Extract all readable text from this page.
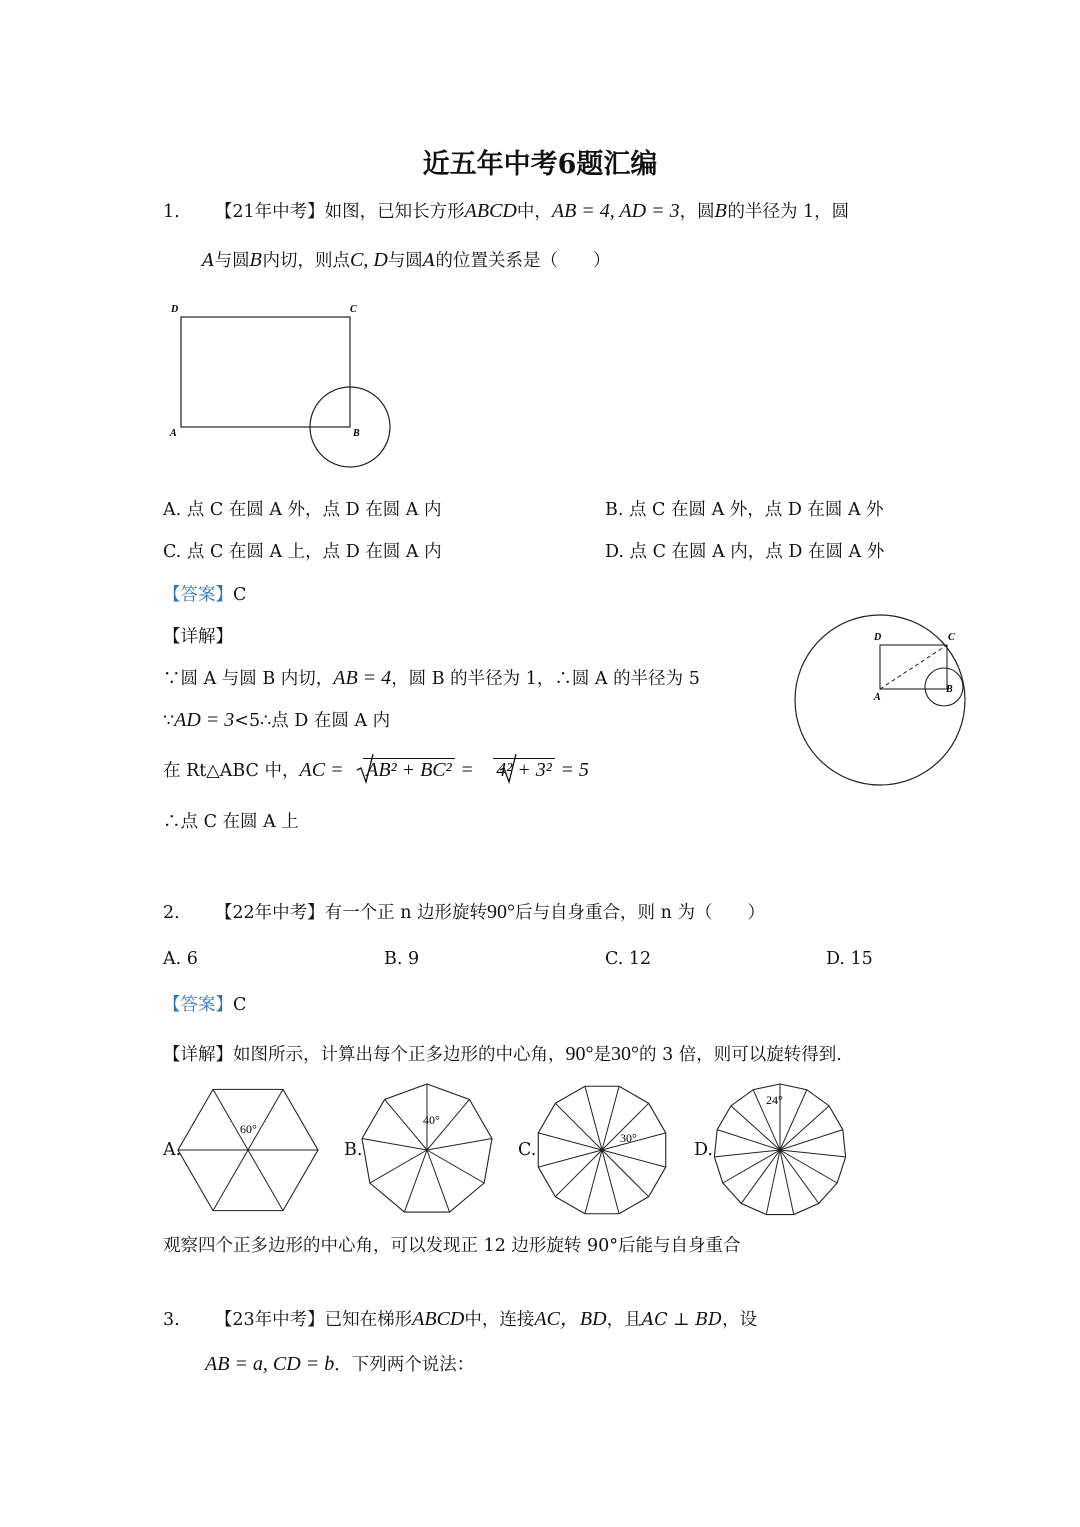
近五年中考6题汇编
1. 【21年中考】如图，已知长方形ABCD中，AB = 4, AD = 3，圆B的半径为 1，圆
A与圆B内切，则点C, D与圆A的位置关系是（　　）
D	C
A	B
A. 点 C 在圆 A 外，点 D 在圆 A 内	B. 点 C 在圆 A 外，点 D 在圆 A 外
C. 点 C 在圆 A 上，点 D 在圆 A 内	D. 点 C 在圆 A 内，点 D 在圆 A 外
【答案】C
【详解】
∵圆 A 与圆 B 内切，AB = 4，圆 B 的半径为 1，∴圆 A 的半径为 5
∵AD = 3<5∴点 D 在圆 A 内
在 Rt△ABC 中，AC = AB² + BC² = 4² + 3² = 5
∴点 C 在圆 A 上
D	C
A
B
2. 【22年中考】有一个正 n 边形旋转90°后与自身重合，则 n 为（　　）
A. 6	B. 9	C. 12	D. 15
【答案】C
【详解】如图所示，计算出每个正多边形的中心角，90°是30°的 3 倍，则可以旋转得到.
A.	B.	C.	D.
60°
40°
30°
24°
观察四个正多边形的中心角，可以发现正 12 边形旋转 90°后能与自身重合
3. 【23年中考】已知在梯形ABCD中，连接AC，BD，且AC ⊥ BD，设
AB = a, CD = b．下列两个说法：
